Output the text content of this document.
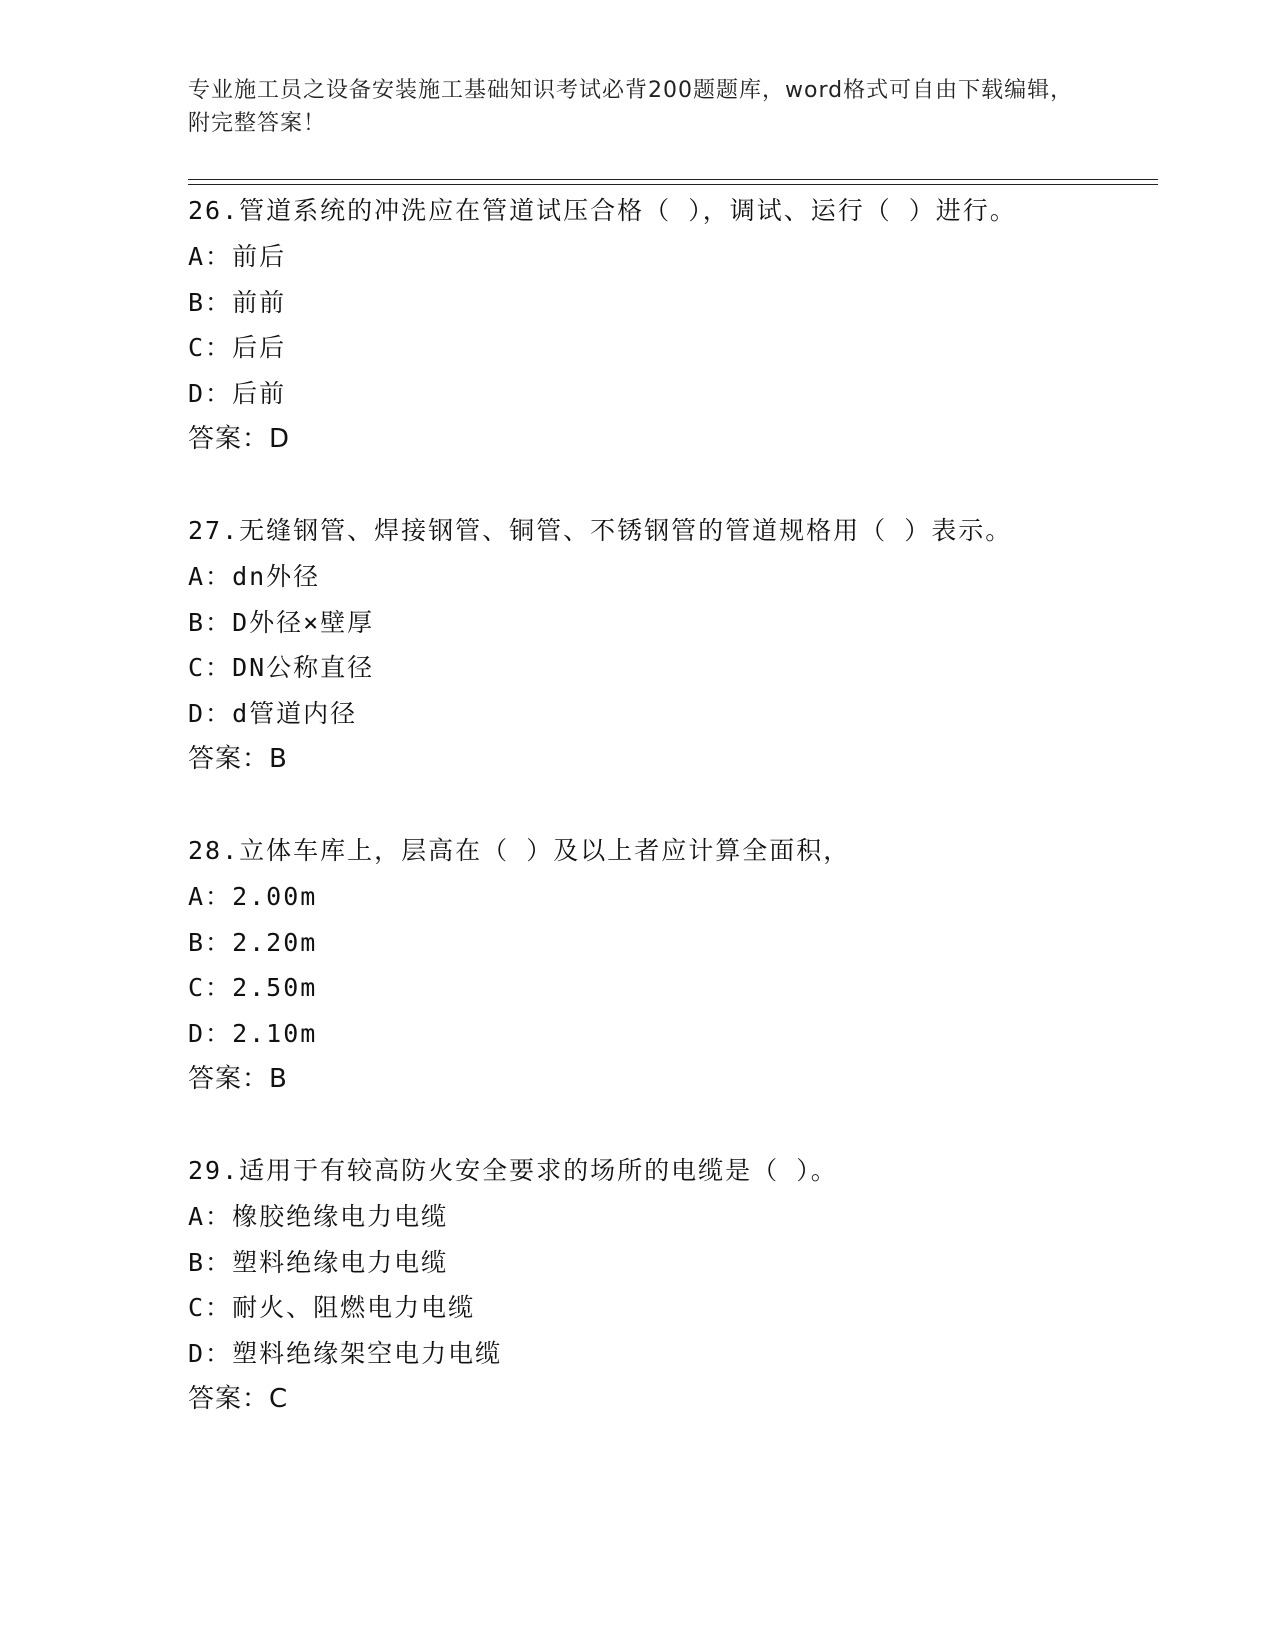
专业施工员之设备安装施工基础知识考试必背200题题库，word格式可自由下载编辑，附完整答案！
26.管道系统的冲洗应在管道试压合格（ ），调试、运行（ ）进行。
A：前后
B：前前
C：后后
D：后前
答案：D
27.无缝钢管、焊接钢管、铜管、不锈钢管的管道规格用（ ）表示。
A：dn外径
B：D外径×壁厚
C：DN公称直径
D：d管道内径
答案：B
28.立体车库上，层高在（ ）及以上者应计算全面积，
A：2.00m
B：2.20m
C：2.50m
D：2.10m
答案：B
29.适用于有较高防火安全要求的场所的电缆是（ ）。
A：橡胶绝缘电力电缆
B：塑料绝缘电力电缆
C：耐火、阻燃电力电缆
D：塑料绝缘架空电力电缆
答案：C
